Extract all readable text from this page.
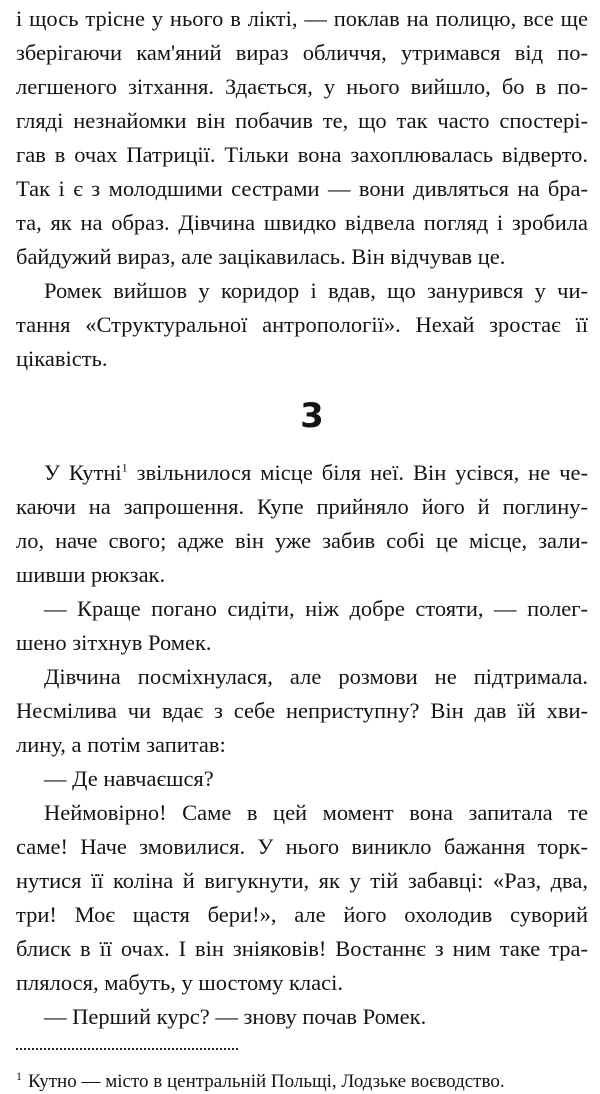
і щось трісне у нього в лікті, — поклав на полицю, все ще
зберігаючи кам'яний вираз обличчя, утримався від по-
легшеного зітхання. Здається, у нього вийшло, бо в по-
гляді незнайомки він побачив те, що так часто спостері-
гав в очах Патриції. Тільки вона захоплювалась відверто.
Так і є з молодшими сестрами — вони дивляться на бра-
та, як на образ. Дівчина швидко відвела погляд і зробила
байдужий вираз, але зацікавилась. Він відчував це.
Ромек вийшов у коридор і вдав, що занурився у чи-
тання «Структуральної антропології». Нехай зростає її
цікавість.
3
У Кутні$^1$ звільнилося місце біля неї. Він усівся, не че-
каючи на запрошення. Купе прийняло його й поглину-
ло, наче свого; адже він уже забив собі це місце, зали-
шивши рюкзак.
— Краще погано сидіти, ніж добре стояти, — полег-
шено зітхнув Ромек.
Дівчина посміхнулася, але розмови не підтримала.
Несмілива чи вдає з себе неприступну? Він дав їй хви-
лину, а потім запитав:
— Де навчаєшся?
Неймовірно! Саме в цей момент вона запитала те
саме! Наче змовилися. У нього виникло бажання торк-
нутися її коліна й вигукнути, як у тій забавці: «Раз, два,
три! Моє щастя бери!», але його охолодив суворий
блиск в її очах. І він зніяковів! Востаннє з ним таке тра-
плялося, мабуть, у шостому класі.
— Перший курс? — знову почав Ромек.
$^1$ Кутно — місто в центральній Польщі, Лодзьке воєводство.
